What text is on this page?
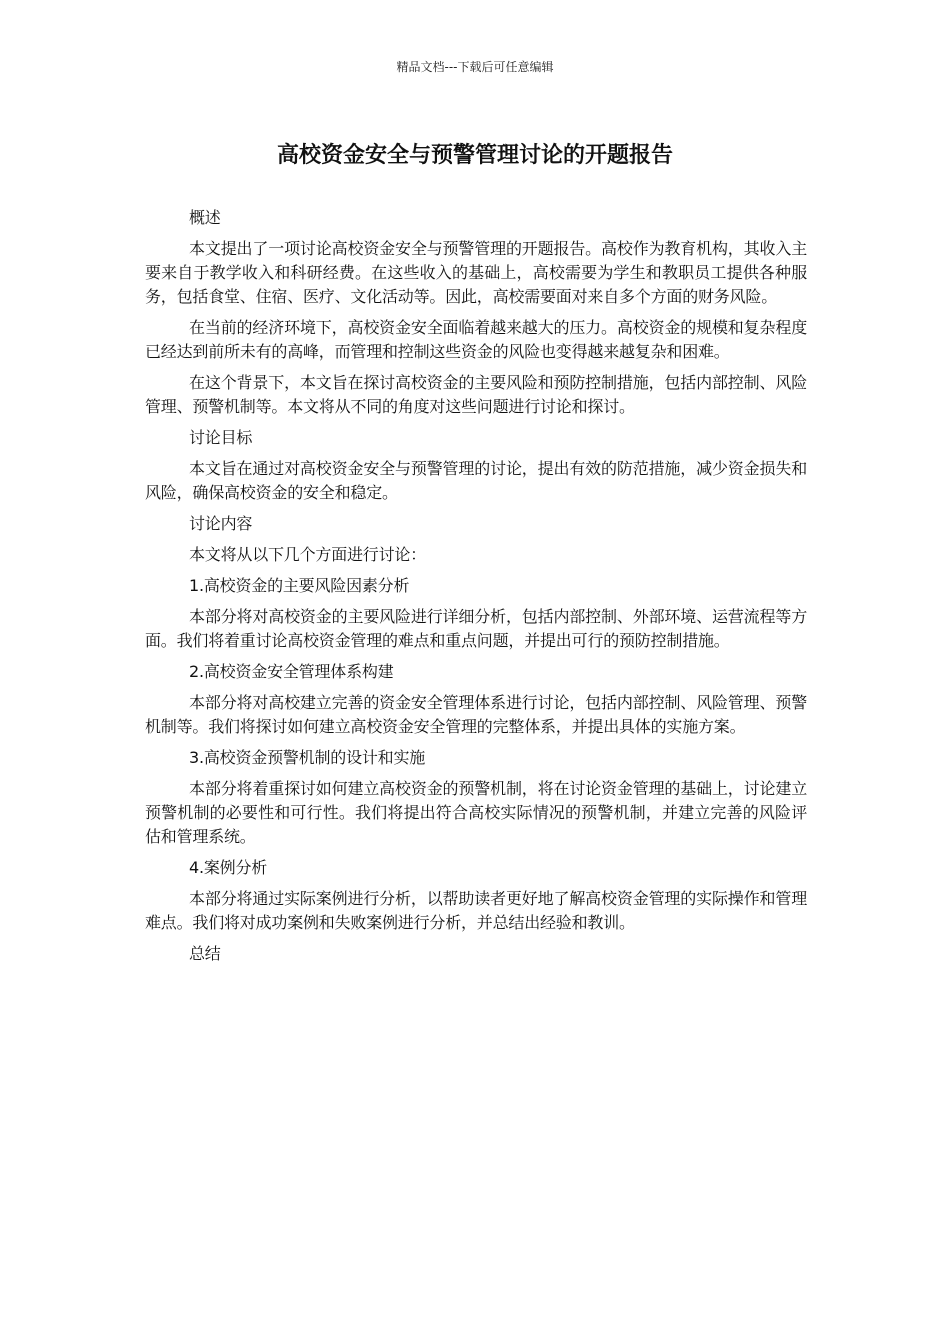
精品文档---下载后可任意编辑
高校资金安全与预警管理讨论的开题报告

概述

本文提出了一项讨论高校资金安全与预警管理的开题报告。高校作为教育机构，其收入主要来自于教学收入和科研经费。在这些收入的基础上，高校需要为学生和教职员工提供各种服务，包括食堂、住宿、医疗、文化活动等。因此，高校需要面对来自多个方面的财务风险。

在当前的经济环境下，高校资金安全面临着越来越大的压力。高校资金的规模和复杂程度已经达到前所未有的高峰，而管理和控制这些资金的风险也变得越来越复杂和困难。

在这个背景下，本文旨在探讨高校资金的主要风险和预防控制措施，包括内部控制、风险管理、预警机制等。本文将从不同的角度对这些问题进行讨论和探讨。

讨论目标

本文旨在通过对高校资金安全与预警管理的讨论，提出有效的防范措施，减少资金损失和风险，确保高校资金的安全和稳定。

讨论内容

本文将从以下几个方面进行讨论：

1.高校资金的主要风险因素分析

本部分将对高校资金的主要风险进行详细分析，包括内部控制、外部环境、运营流程等方面。我们将着重讨论高校资金管理的难点和重点问题，并提出可行的预防控制措施。

2.高校资金安全管理体系构建

本部分将对高校建立完善的资金安全管理体系进行讨论，包括内部控制、风险管理、预警机制等。我们将探讨如何建立高校资金安全管理的完整体系，并提出具体的实施方案。

3.高校资金预警机制的设计和实施

本部分将着重探讨如何建立高校资金的预警机制，将在讨论资金管理的基础上，讨论建立预警机制的必要性和可行性。我们将提出符合高校实际情况的预警机制，并建立完善的风险评估和管理系统。

4.案例分析

本部分将通过实际案例进行分析，以帮助读者更好地了解高校资金管理的实际操作和管理难点。我们将对成功案例和失败案例进行分析，并总结出经验和教训。

总结
